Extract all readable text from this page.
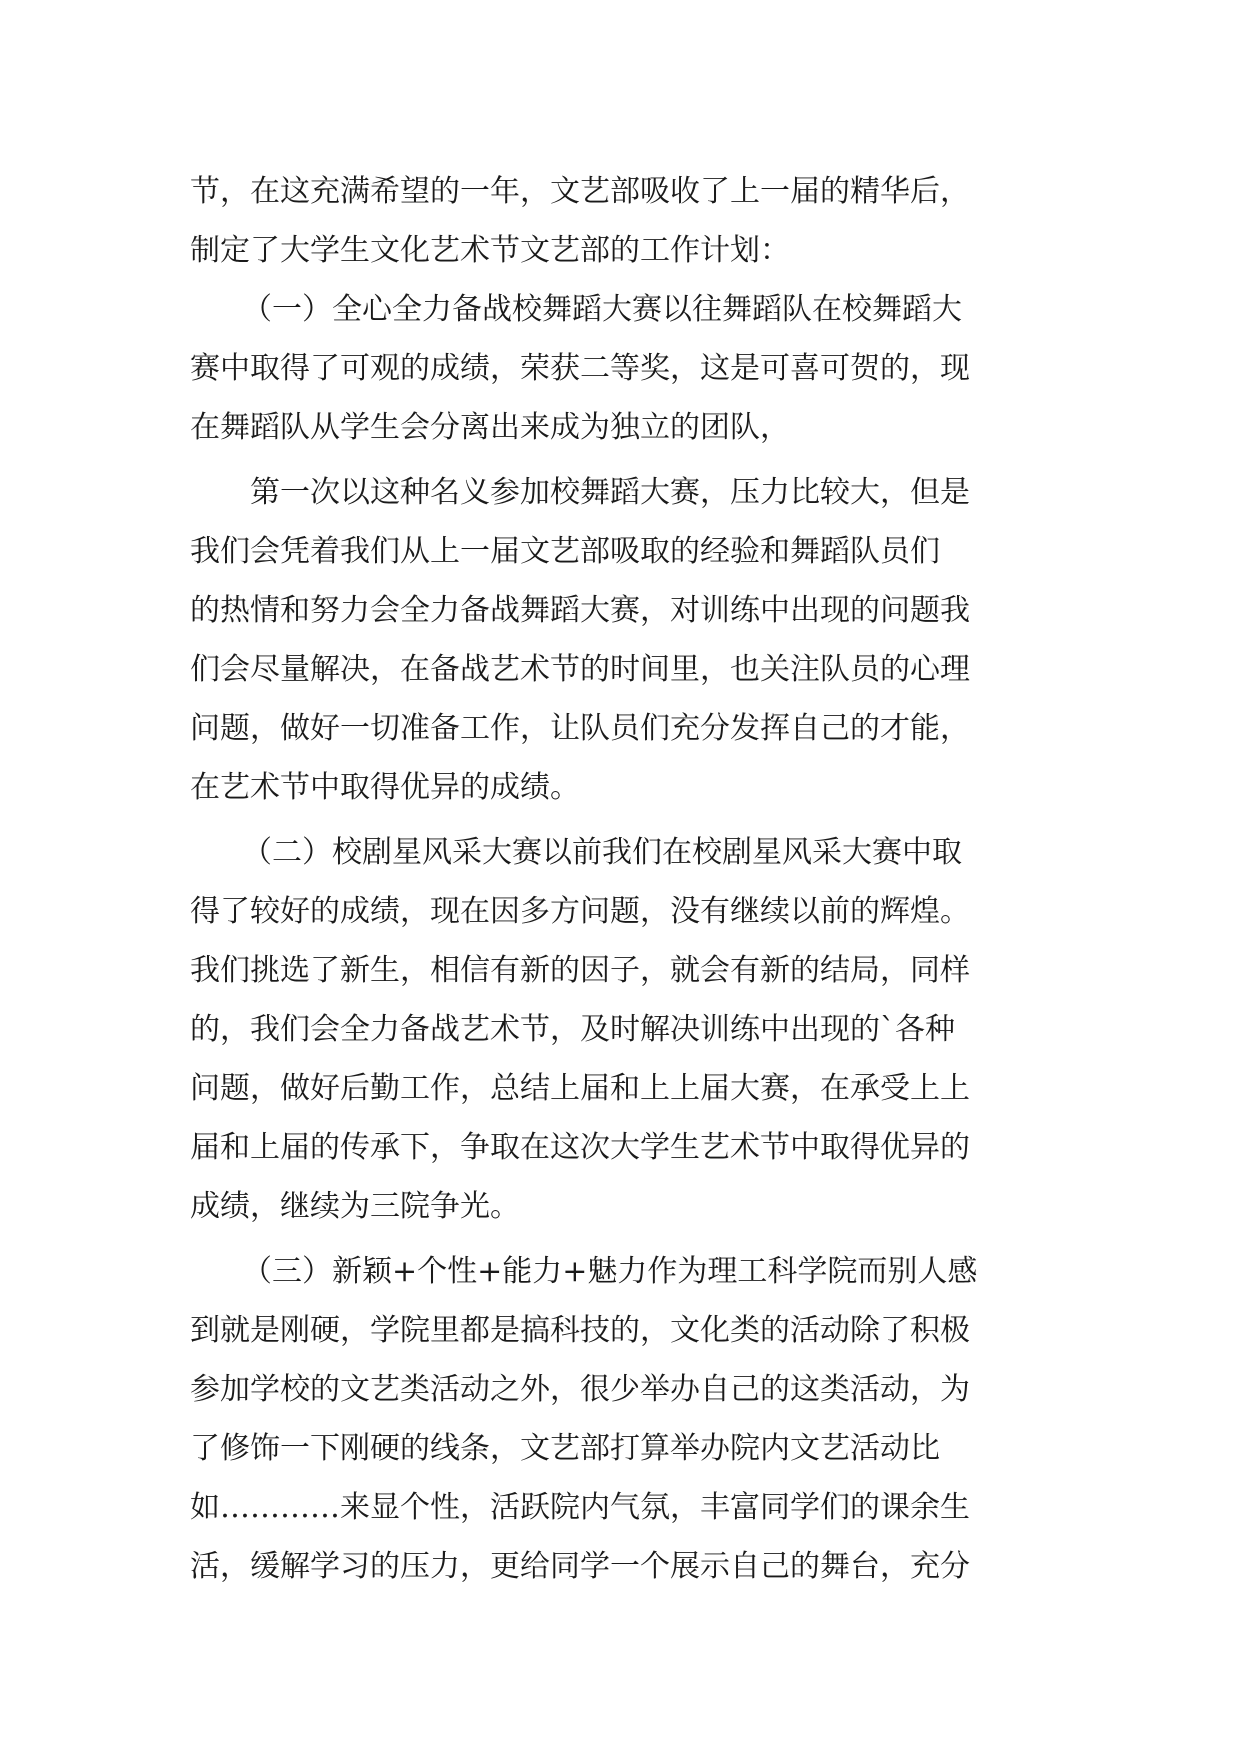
节，在这充满希望的一年，文艺部吸收了上一届的精华后，
制定了大学生文化艺术节文艺部的工作计划：
（一）全心全力备战校舞蹈大赛以往舞蹈队在校舞蹈大
赛中取得了可观的成绩，荣获二等奖，这是可喜可贺的，现
在舞蹈队从学生会分离出来成为独立的团队，
第一次以这种名义参加校舞蹈大赛，压力比较大，但是
我们会凭着我们从上一届文艺部吸取的经验和舞蹈队员们
的热情和努力会全力备战舞蹈大赛，对训练中出现的问题我
们会尽量解决，在备战艺术节的时间里，也关注队员的心理
问题，做好一切准备工作，让队员们充分发挥自己的才能，
在艺术节中取得优异的成绩。
（二）校剧星风采大赛以前我们在校剧星风采大赛中取
得了较好的成绩，现在因多方问题，没有继续以前的辉煌。
我们挑选了新生，相信有新的因子，就会有新的结局，同样
的，我们会全力备战艺术节，及时解决训练中出现的`各种
问题，做好后勤工作，总结上届和上上届大赛，在承受上上
届和上届的传承下，争取在这次大学生艺术节中取得优异的
成绩，继续为三院争光。
（三）新颖+个性+能力+魅力作为理工科学院而别人感
到就是刚硬，学院里都是搞科技的，文化类的活动除了积极
参加学校的文艺类活动之外，很少举办自己的这类活动，为
了修饰一下刚硬的线条，文艺部打算举办院内文艺活动比
如…………来显个性，活跃院内气氛，丰富同学们的课余生
活，缓解学习的压力，更给同学一个展示自己的舞台，充分
